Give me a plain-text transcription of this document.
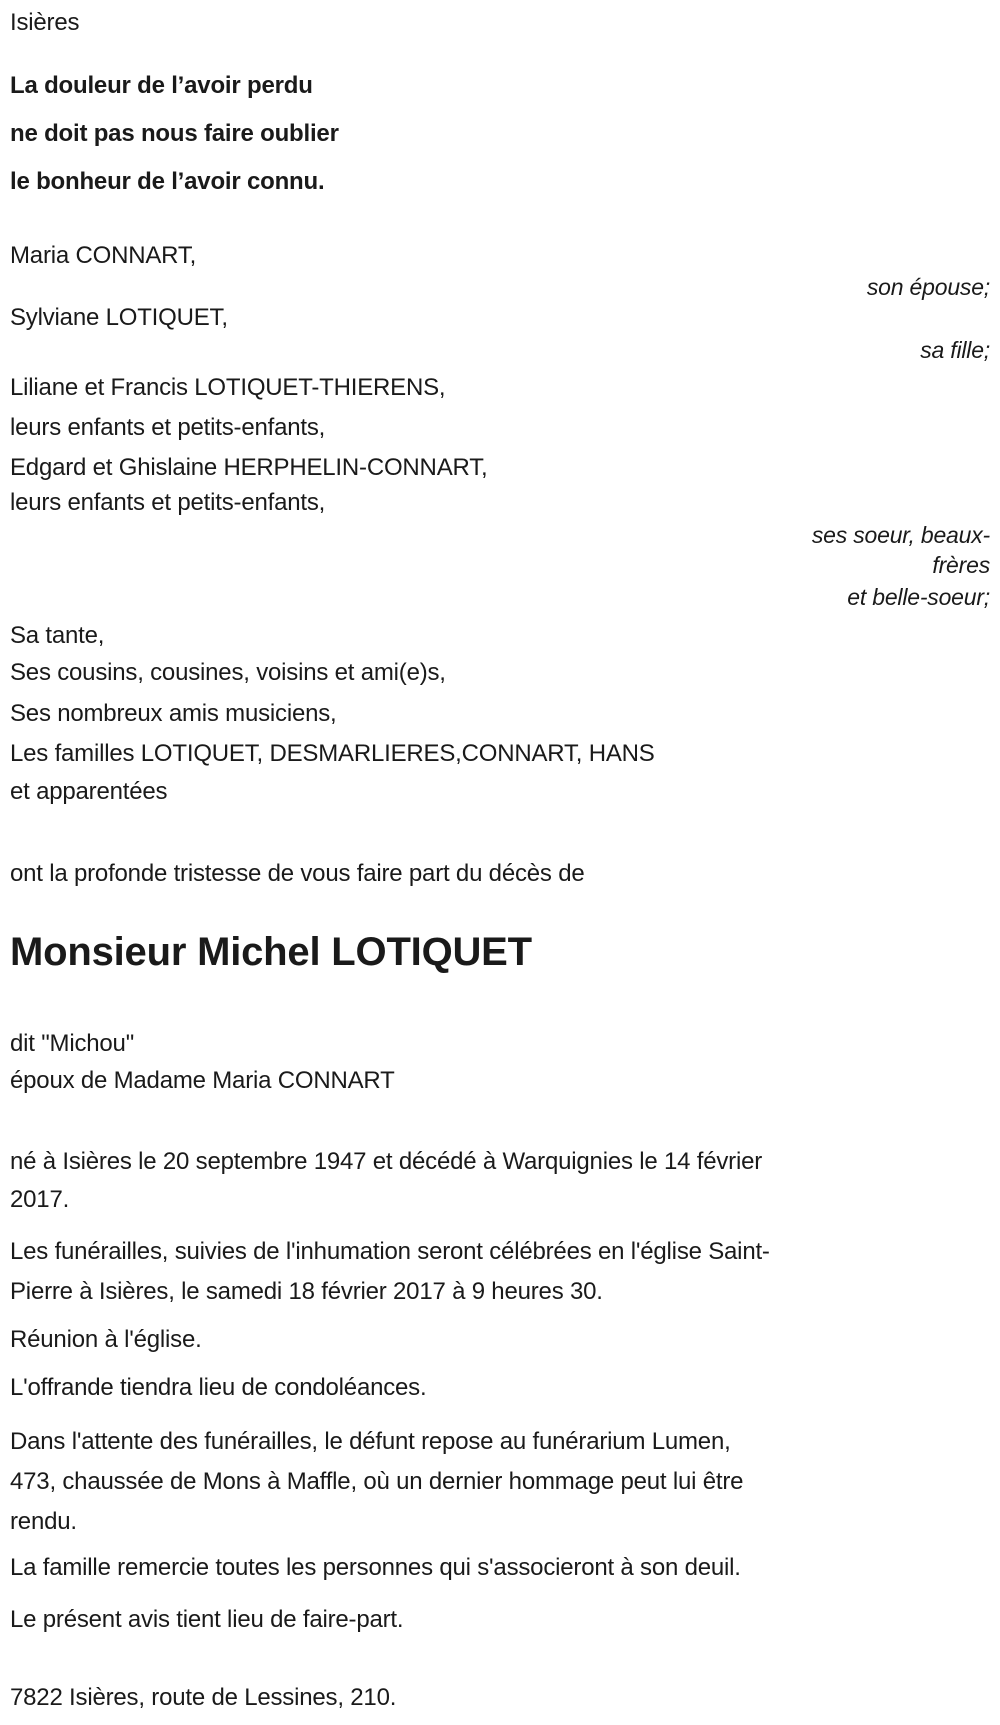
Isières
La douleur de l’avoir perdu
ne doit pas nous faire oublier
le bonheur de l’avoir connu.
Maria CONNART,
son épouse;
Sylviane LOTIQUET,
sa fille;
Liliane et Francis LOTIQUET-THIERENS,
leurs enfants et petits-enfants,
Edgard et Ghislaine HERPHELIN-CONNART,
leurs enfants et petits-enfants,
ses soeur, beaux-
frères
et belle-soeur;
Sa tante,
Ses cousins, cousines, voisins et ami(e)s,
Ses nombreux amis musiciens,
Les familles LOTIQUET, DESMARLIERES,CONNART, HANS
et apparentées
ont la profonde tristesse de vous faire part du décès de
Monsieur Michel LOTIQUET
dit "Michou"
époux de Madame Maria CONNART
né à Isières le 20 septembre 1947 et décédé à Warquignies le 14 février
2017.
Les funérailles, suivies de l'inhumation seront célébrées en l'église Saint-
Pierre à Isières, le samedi 18 février 2017 à 9 heures 30.
Réunion à l'église.
L'offrande tiendra lieu de condoléances.
Dans l'attente des funérailles, le défunt repose au funérarium Lumen,
473, chaussée de Mons à Maffle, où un dernier hommage peut lui être
rendu.
La famille remercie toutes les personnes qui s'associeront à son deuil.
Le présent avis tient lieu de faire-part.
7822 Isières, route de Lessines, 210.
